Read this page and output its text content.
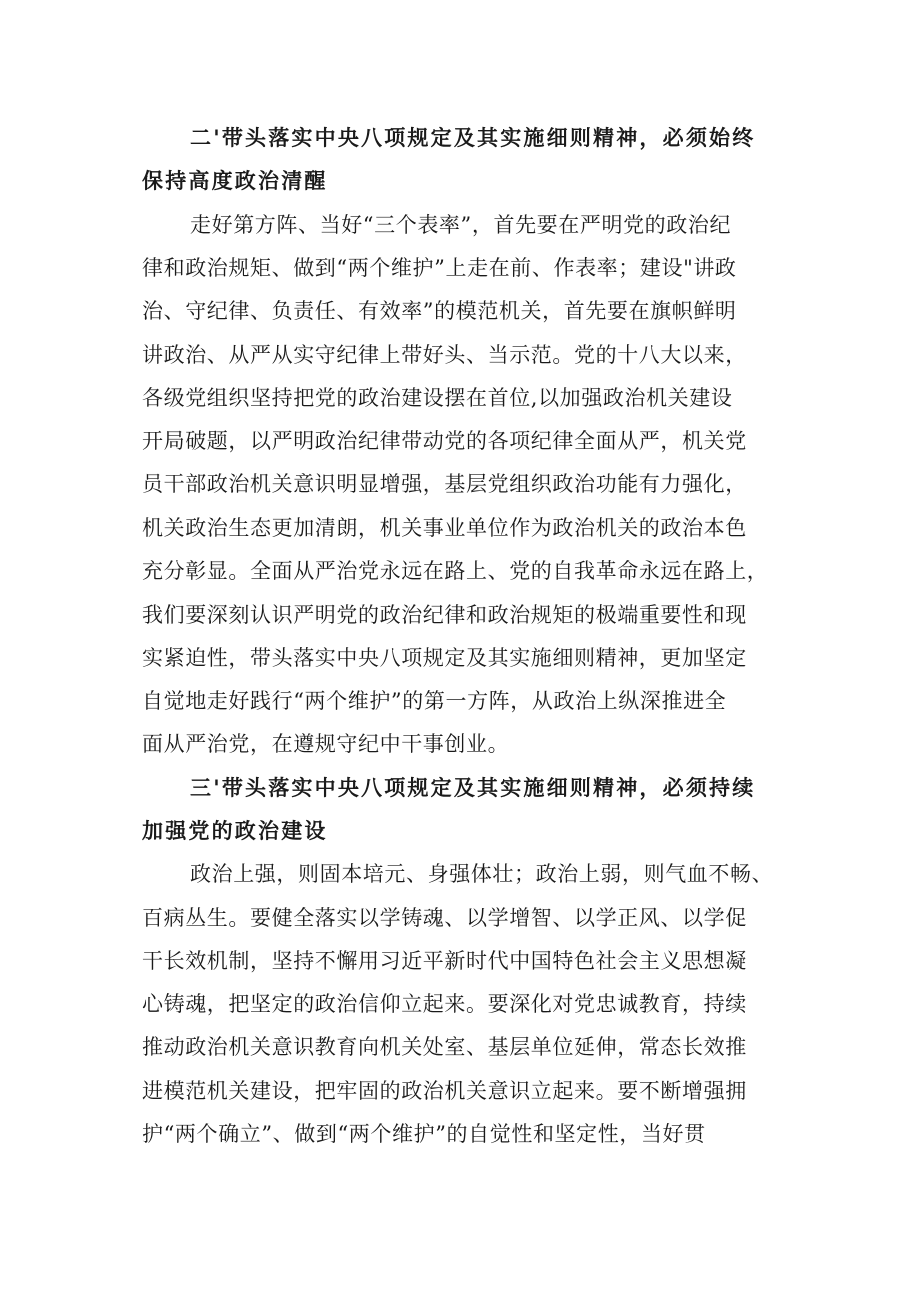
二'带头落实中央八项规定及其实施细则精神，必须始终
保持高度政治清醒
走好第方阵、当好“三个表率”，首先要在严明党的政治纪
律和政治规矩、做到“两个维护”上走在前、作表率；建设"讲政
治、守纪律、负责任、有效率”的模范机关，首先要在旗帜鲜明
讲政治、从严从实守纪律上带好头、当示范。党的十八大以来，
各级党组织坚持把党的政治建设摆在首位,以加强政治机关建设
开局破题，以严明政治纪律带动党的各项纪律全面从严，机关党
员干部政治机关意识明显增强，基层党组织政治功能有力强化，
机关政治生态更加清朗，机关事业单位作为政治机关的政治本色
充分彰显。全面从严治党永远在路上、党的自我革命永远在路上，
我们要深刻认识严明党的政治纪律和政治规矩的极端重要性和现
实紧迫性，带头落实中央八项规定及其实施细则精神，更加坚定
自觉地走好践行“两个维护”的第一方阵，从政治上纵深推进全
面从严治党，在遵规守纪中干事创业。
三'带头落实中央八项规定及其实施细则精神，必须持续
加强党的政治建设
政治上强，则固本培元、身强体壮；政治上弱，则气血不畅、
百病丛生。要健全落实以学铸魂、以学增智、以学正风、以学促
干长效机制，坚持不懈用习近平新时代中国特色社会主义思想凝
心铸魂，把坚定的政治信仰立起来。要深化对党忠诚教育，持续
推动政治机关意识教育向机关处室、基层单位延伸，常态长效推
进模范机关建设，把牢固的政治机关意识立起来。要不断增强拥
护“两个确立”、做到“两个维护”的自觉性和坚定性，当好贯
